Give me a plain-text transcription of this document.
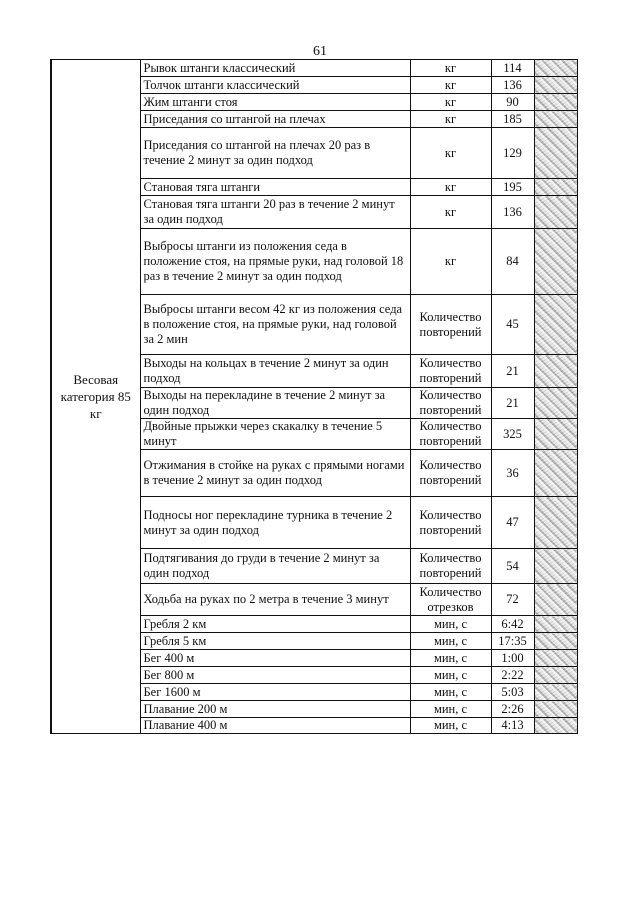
61
Весовая категория 85 кг	Рывок штанги классический	кг	114	
	Толчок штанги классический	кг	136	
	Жим штанги стоя	кг	90	
	Приседания со штангой на плечах	кг	185	
	Приседания со штангой на плечах 20 раз в течение 2 минут за один подход	кг	129	
	Становая тяга штанги	кг	195	
	Становая тяга штанги 20 раз в течение 2 минут за один подход	кг	136	
	Выбросы штанги из положения седа в положение стоя, на прямые руки, над головой 18 раз в течение 2 минут за один подход	кг	84	
	Выбросы штанги весом 42 кг из положения седа в положение стоя, на прямые руки, над головой за 2 мин	Количество повторений	45	
	Выходы на кольцах в течение 2 минут за один подход	Количество повторений	21	
	Выходы на перекладине в течение 2 минут за один подход	Количество повторений	21	
	Двойные прыжки через скакалку в течение 5 минут	Количество повторений	325	
	Отжимания в стойке на руках с прямыми ногами в течение 2 минут за один подход	Количество повторений	36	
	Подносы ног перекладине турника в течение 2 минут за один подход	Количество повторений	47	
	Подтягивания до груди в течение 2 минут за один подход	Количество повторений	54	
	Ходьба на руках по 2 метра в течение 3 минут	Количество отрезков	72	
	Гребля 2 км	мин, с	6:42	
	Гребля 5 км	мин, с	17:35	
	Бег 400 м	мин, с	1:00	
	Бег 800 м	мин, с	2:22	
	Бег 1600 м	мин, с	5:03	
	Плавание 200 м	мин, с	2:26	
	Плавание 400 м	мин, с	4:13	
